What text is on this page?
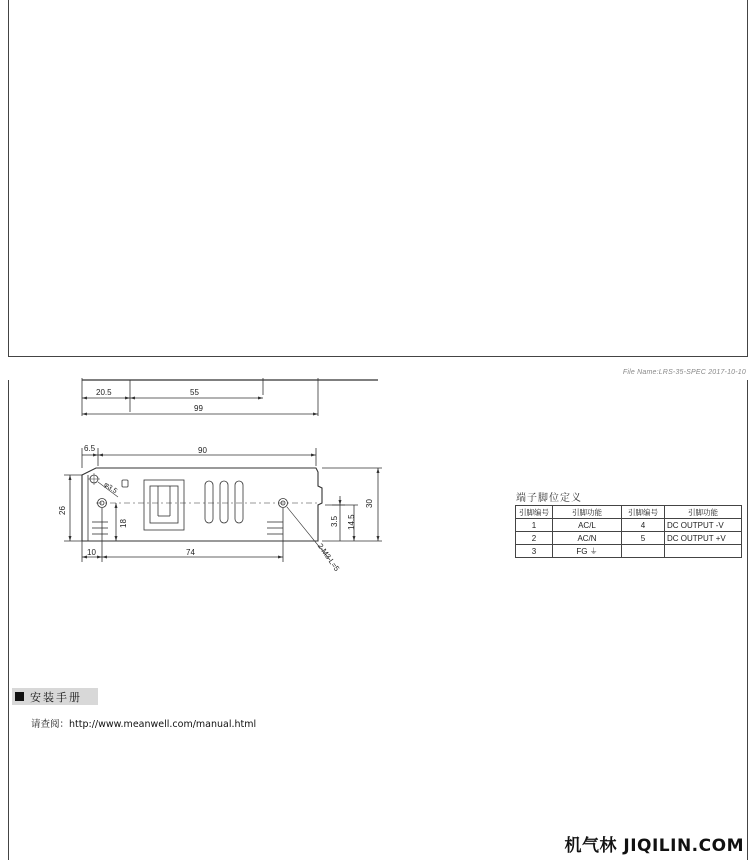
File Name:LRS-35-SPEC 2017-10-10
20.5	55
99
6.5	90
26
30
3.5 14.5
φ3.5
18
2-M3 L=5
10	74
端子脚位定义
引脚编号	引脚功能	引脚编号	引脚功能
1	AC/L	4	DC OUTPUT -V
2	AC/N	5	DC OUTPUT +V
3	FG ⏚		
安装手册
请查阅：http://www.meanwell.com/manual.html
机气林 JIQILIN.COM
